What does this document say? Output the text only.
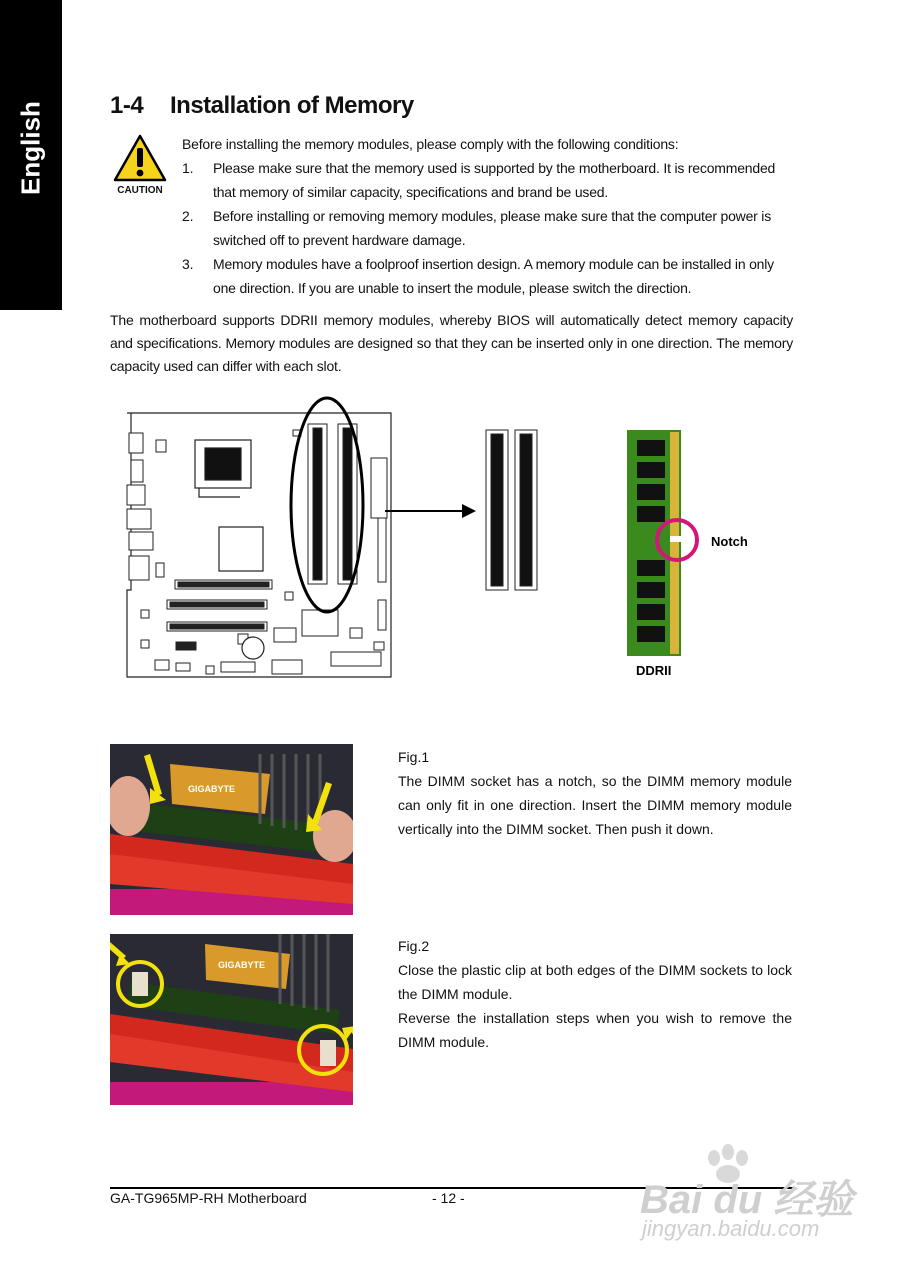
English	1-4 Installation of Memory
CAUTION
Before installing the memory modules, please comply with the following conditions:
1. Please make sure that the memory used is supported by the motherboard. It is recommended that memory of similar capacity, specifications and brand be used.
2. Before installing or removing memory modules, please make sure that the computer power is switched off to prevent hardware damage.
3. Memory modules have a foolproof insertion design. A memory module can be installed in only one direction. If you are unable to insert the module, please switch the direction.
The motherboard supports DDRII memory modules, whereby BIOS will automatically detect memory capacity and specifications. Memory modules are designed so that they can be inserted only in one direction. The memory capacity used can differ with each slot.
Notch
DDRII
GIGABYTE
Fig.1
The DIMM socket has a notch, so the DIMM memory module can only fit in one direction. Insert the DIMM memory module vertically into the DIMM socket. Then push it down.
GIGABYTE
Fig.2
Close the plastic clip at both edges of the DIMM sockets to lock the DIMM module.
Reverse the installation steps when you wish to remove the DIMM module.
GA-TG965MP-RH Motherboard	- 12 -	Bai du 经验
jingyan.baidu.com
